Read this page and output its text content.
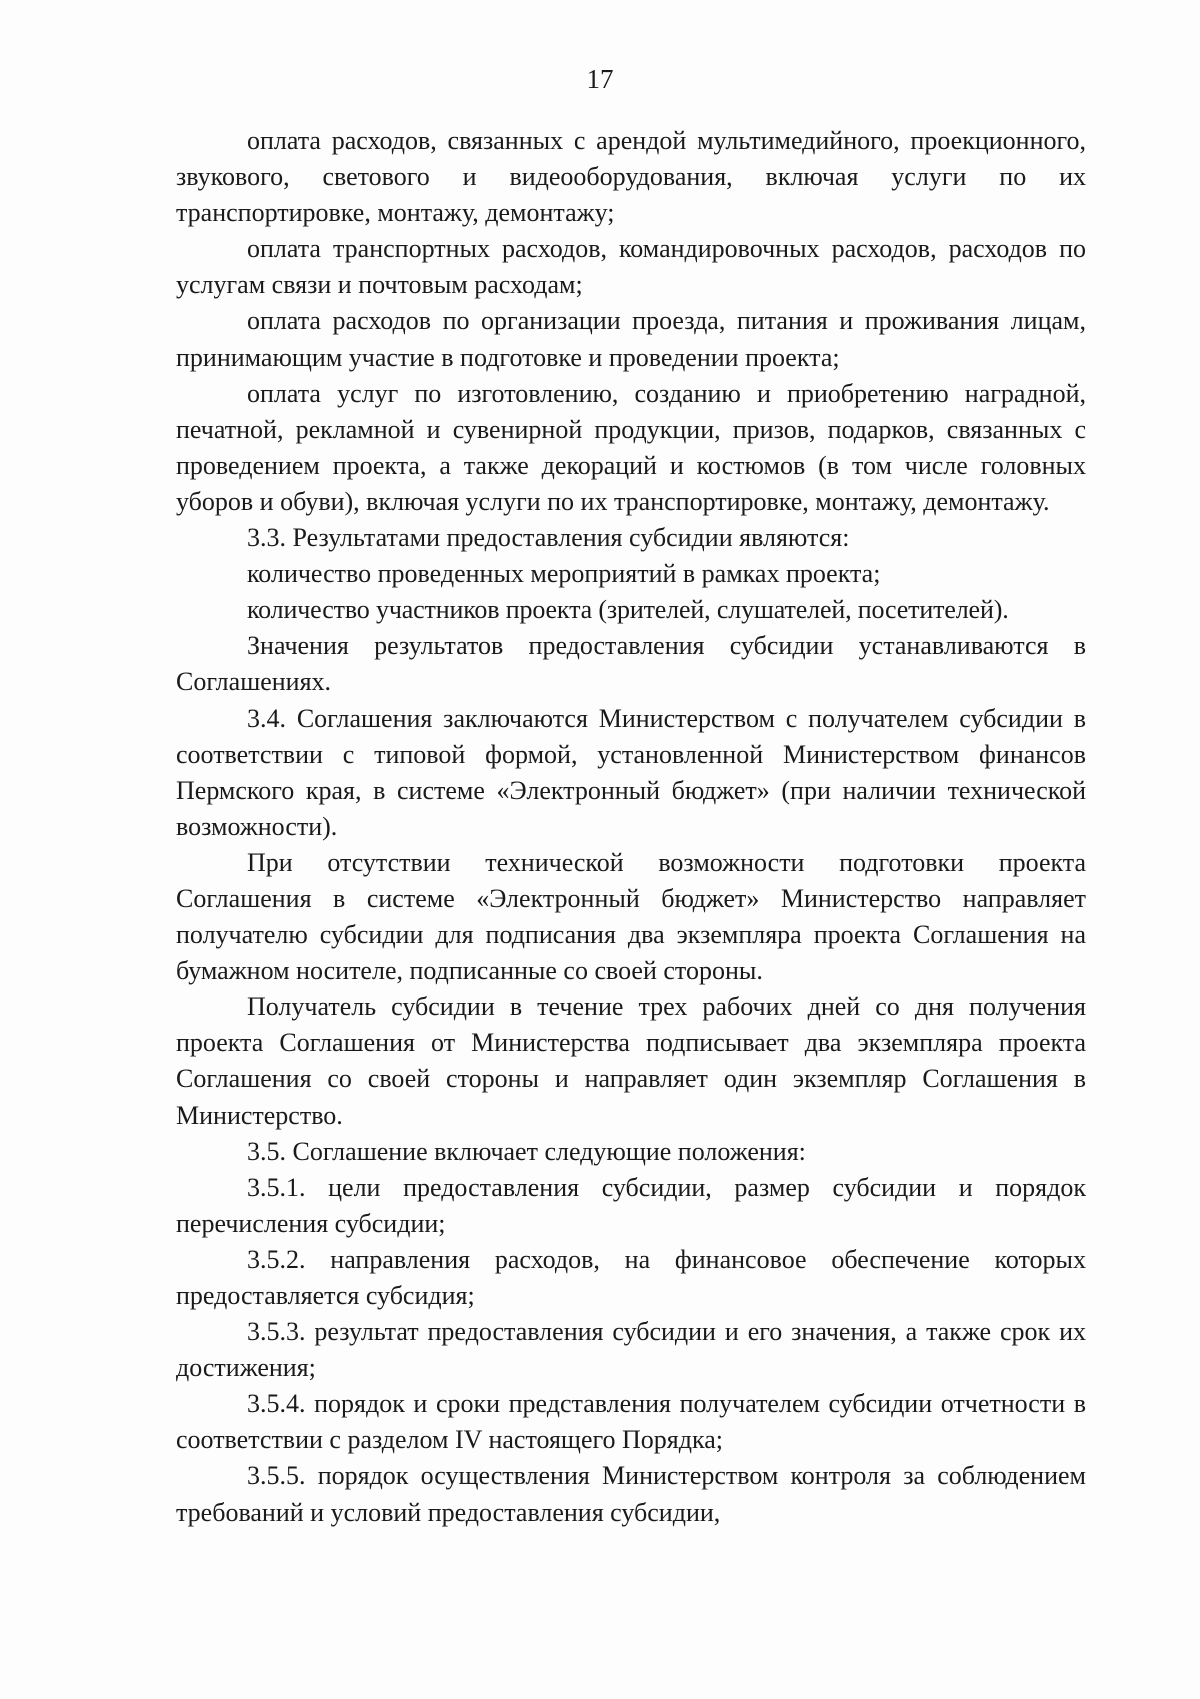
17

оплата расходов, связанных с арендой мультимедийного, проекционного, звукового, светового и видеооборудования, включая услуги по их транспортировке, монтажу, демонтажу;

оплата транспортных расходов, командировочных расходов, расходов по услугам связи и почтовым расходам;

оплата расходов по организации проезда, питания и проживания лицам, принимающим участие в подготовке и проведении проекта;

оплата услуг по изготовлению, созданию и приобретению наградной, печатной, рекламной и сувенирной продукции, призов, подарков, связанных с проведением проекта, а также декораций и костюмов (в том числе головных уборов и обуви), включая услуги по их транспортировке, монтажу, демонтажу.

3.3. Результатами предоставления субсидии являются:

количество проведенных мероприятий в рамках проекта;

количество участников проекта (зрителей, слушателей, посетителей).

Значения результатов предоставления субсидии устанавливаются в Соглашениях.

3.4. Соглашения заключаются Министерством с получателем субсидии в соответствии с типовой формой, установленной Министерством финансов Пермского края, в системе «Электронный бюджет» (при наличии технической возможности).

При отсутствии технической возможности подготовки проекта Соглашения в системе «Электронный бюджет» Министерство направляет получателю субсидии для подписания два экземпляра проекта Соглашения на бумажном носителе, подписанные со своей стороны.

Получатель субсидии в течение трех рабочих дней со дня получения проекта Соглашения от Министерства подписывает два экземпляра проекта Соглашения со своей стороны и направляет один экземпляр Соглашения в Министерство.

3.5. Соглашение включает следующие положения:

3.5.1. цели предоставления субсидии, размер субсидии и порядок перечисления субсидии;

3.5.2. направления расходов, на финансовое обеспечение которых предоставляется субсидия;

3.5.3. результат предоставления субсидии и его значения, а также срок их достижения;

3.5.4. порядок и сроки представления получателем субсидии отчетности в соответствии с разделом IV настоящего Порядка;

3.5.5. порядок осуществления Министерством контроля за соблюдением требований и условий предоставления субсидии,
